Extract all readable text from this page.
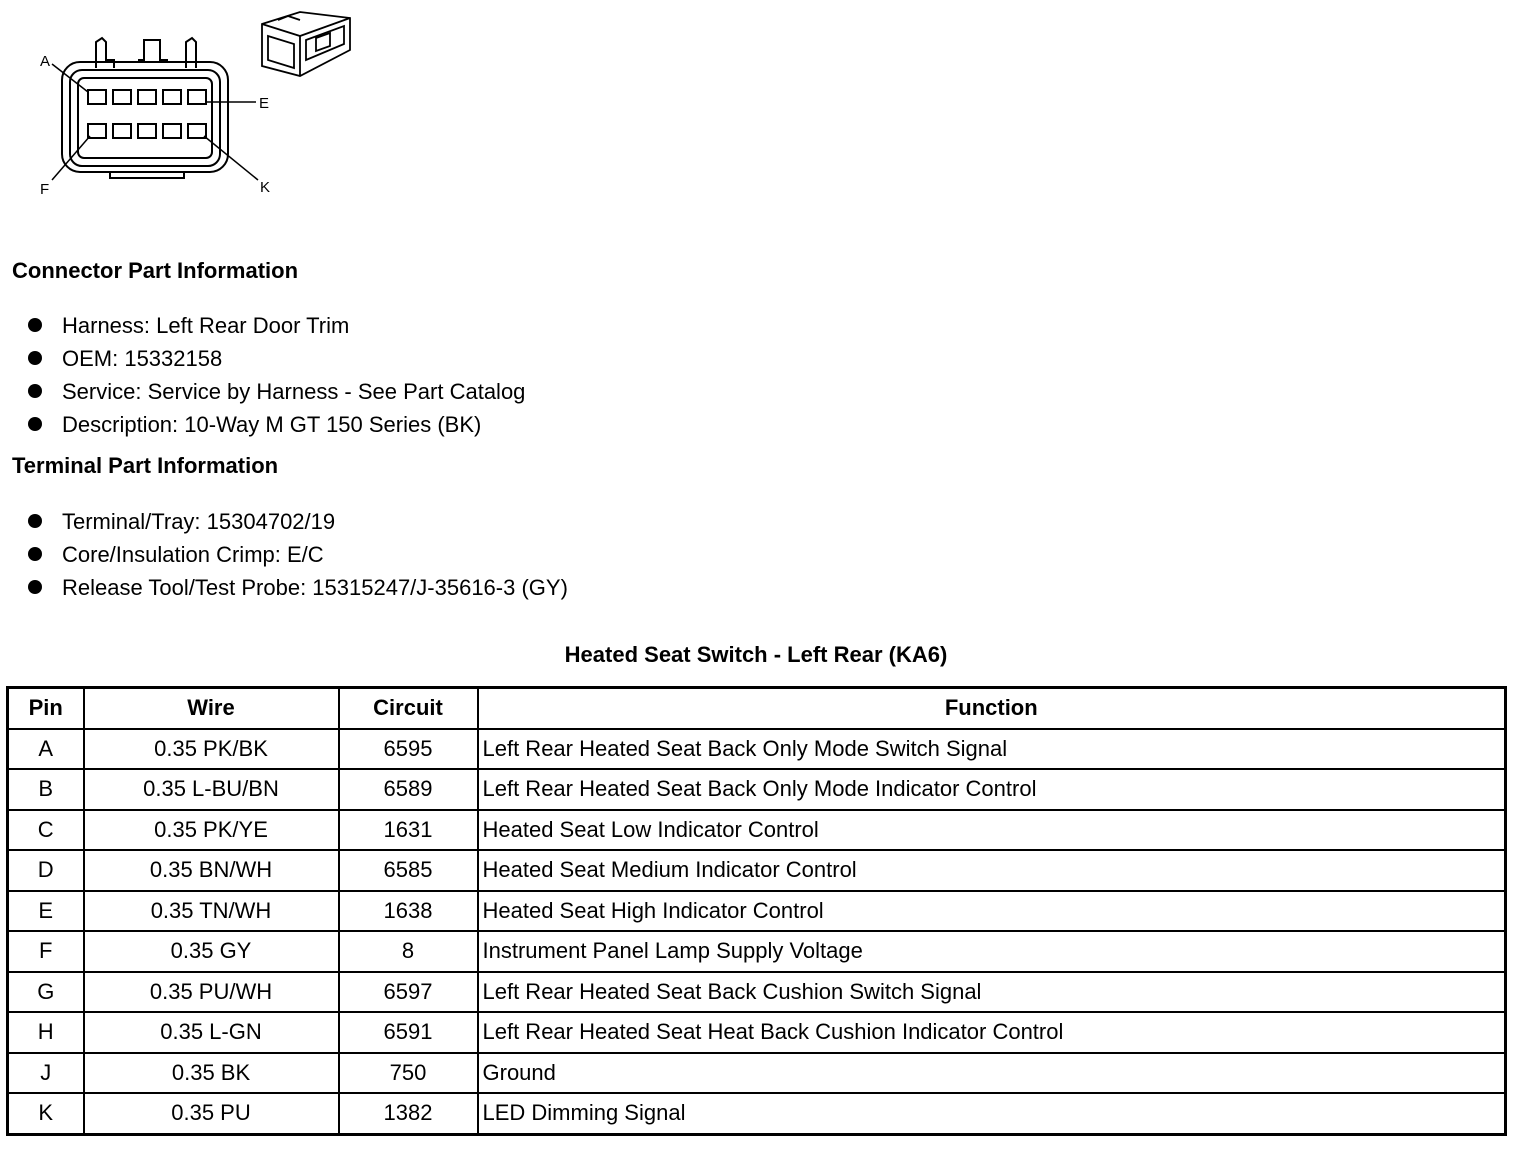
A
E
F	K
Connector Part Information
Harness: Left Rear Door Trim
OEM: 15332158
Service: Service by Harness - See Part Catalog
Description: 10-Way M GT 150 Series (BK)
Terminal Part Information
Terminal/Tray: 15304702/19
Core/Insulation Crimp: E/C
Release Tool/Test Probe: 15315247/J-35616-3 (GY)
Heated Seat Switch - Left Rear (KA6)
Pin	Wire	Circuit	Function
A	0.35 PK/BK	6595	Left Rear Heated Seat Back Only Mode Switch Signal
B	0.35 L-BU/BN	6589	Left Rear Heated Seat Back Only Mode Indicator Control
C	0.35 PK/YE	1631	Heated Seat Low Indicator Control
D	0.35 BN/WH	6585	Heated Seat Medium Indicator Control
E	0.35 TN/WH	1638	Heated Seat High Indicator Control
F	0.35 GY	8	Instrument Panel Lamp Supply Voltage
G	0.35 PU/WH	6597	Left Rear Heated Seat Back Cushion Switch Signal
H	0.35 L-GN	6591	Left Rear Heated Seat Heat Back Cushion Indicator Control
J	0.35 BK	750	Ground
K	0.35 PU	1382	LED Dimming Signal
